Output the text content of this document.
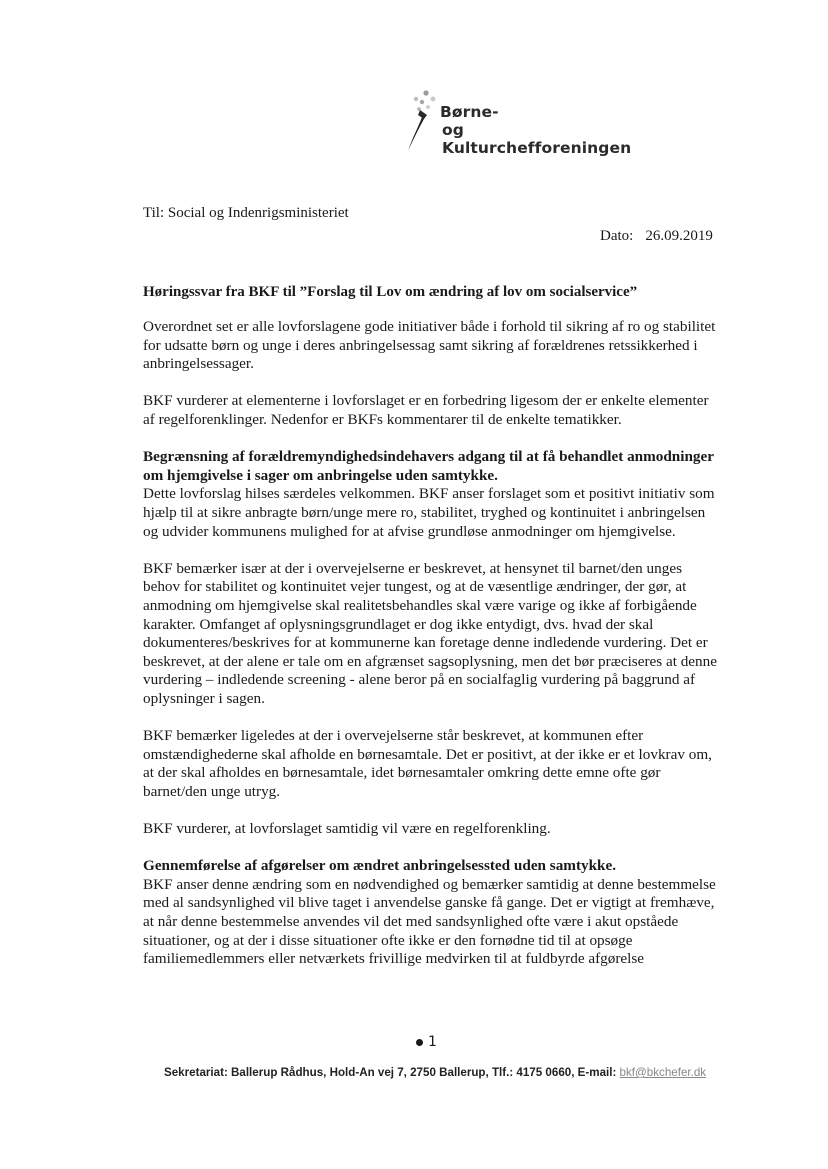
Børne-
og Kulturchefforeningen
Til: Social og Indenrigsministeriet
Dato: 26.09.2019
Høringssvar fra BKF til ”Forslag til Lov om ændring af lov om socialservice”

Overordnet set er alle lovforslagene gode initiativer både i forhold til sikring af ro og stabilitet for udsatte børn og unge i deres anbringelsessag samt sikring af forældrenes retssikkerhed i anbringelsessager.

BKF vurderer at elementerne i lovforslaget er en forbedring ligesom der er enkelte elementer af regelforenklinger. Nedenfor er BKFs kommentarer til de enkelte tematikker.

Begrænsning af forældremyndighedsindehavers adgang til at få behandlet anmodninger om hjemgivelse i sager om anbringelse uden samtykke.
Dette lovforslag hilses særdeles velkommen. BKF anser forslaget som et positivt initiativ som hjælp til at sikre anbragte børn/unge mere ro, stabilitet, tryghed og kontinuitet i anbringelsen og udvider kommunens mulighed for at afvise grundløse anmodninger om hjemgivelse.

BKF bemærker især at der i overvejelserne er beskrevet, at hensynet til barnet/den unges behov for stabilitet og kontinuitet vejer tungest, og at de væsentlige ændringer, der gør, at anmodning om hjemgivelse skal realitetsbehandles skal være varige og ikke af forbigående karakter. Omfanget af oplysningsgrundlaget er dog ikke entydigt, dvs. hvad der skal dokumenteres/beskrives for at kommunerne kan foretage denne indledende vurdering. Det er beskrevet, at der alene er tale om en afgrænset sagsoplysning, men det bør præciseres at denne vurdering – indledende screening - alene beror på en socialfaglig vurdering på baggrund af oplysninger i sagen.

BKF bemærker ligeledes at der i overvejelserne står beskrevet, at kommunen efter omstændighederne skal afholde en børnesamtale. Det er positivt, at der ikke er et lovkrav om, at der skal afholdes en børnesamtale, idet børnesamtaler omkring dette emne ofte gør barnet/den unge utryg.

BKF vurderer, at lovforslaget samtidig vil være en regelforenkling.

Gennemførelse af afgørelser om ændret anbringelsessted uden samtykke.
BKF anser denne ændring som en nødvendighed og bemærker samtidig at denne bestemmelse med al sandsynlighed vil blive taget i anvendelse ganske få gange. Det er vigtigt at fremhæve, at når denne bestemmelse anvendes vil det med sandsynlighed ofte være i akut opståede situationer, og at der i disse situationer ofte ikke er den fornødne tid til at opsøge familiemedlemmers eller netværkets frivillige medvirken til at fuldbyrde afgørelse

1
Sekretariat: Ballerup Rådhus, Hold-An vej 7, 2750 Ballerup, Tlf.: 4175 0660, E-mail: bkf@bkchefer.dk
